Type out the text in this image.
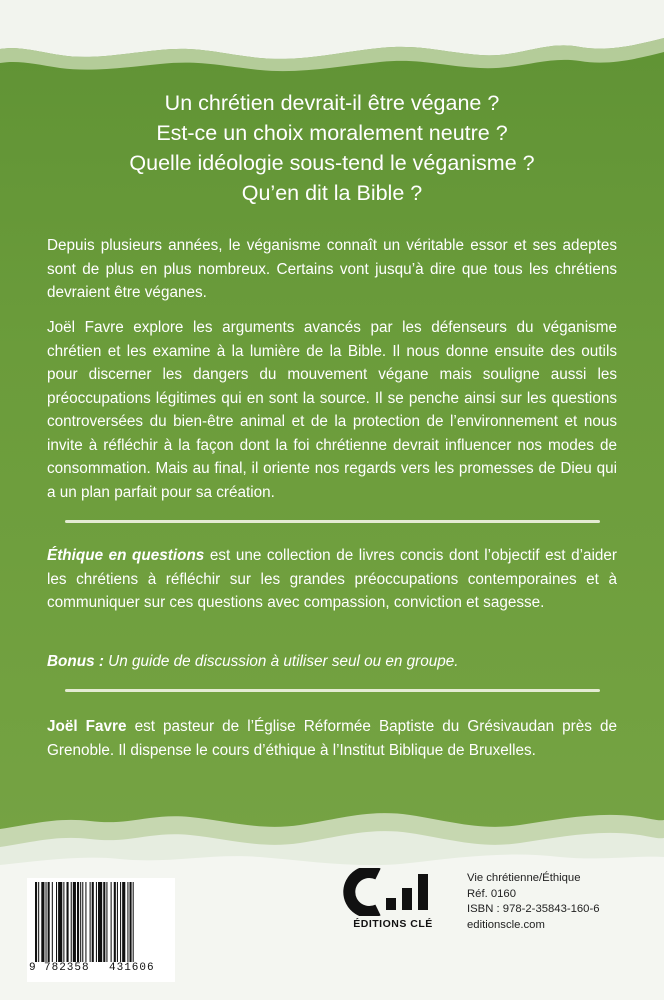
Un chrétien devrait-il être végane ?
Est-ce un choix moralement neutre ?
Quelle idéologie sous-tend le véganisme ?
Qu’en dit la Bible ?
Depuis plusieurs années, le véganisme connaît un véritable essor et ses adeptes sont de plus en plus nombreux. Certains vont jusqu’à dire que tous les chrétiens devraient être véganes.
Joël Favre explore les arguments avancés par les défenseurs du véganisme chrétien et les examine à la lumière de la Bible. Il nous donne ensuite des outils pour discerner les dangers du mouvement végane mais souligne aussi les préoccupations légitimes qui en sont la source. Il se penche ainsi sur les questions controversées du bien-être animal et de la protection de l’environnement et nous invite à réfléchir à la façon dont la foi chrétienne devrait influencer nos modes de consommation. Mais au final, il oriente nos regards vers les promesses de Dieu qui a un plan parfait pour sa création.
Éthique en questions est une collection de livres concis dont l’objectif est d’aider les chrétiens à réfléchir sur les grandes préoccupations contemporaines et à communiquer sur ces questions avec compassion, conviction et sagesse.
Bonus : Un guide de discussion à utiliser seul ou en groupe.
Joël Favre est pasteur de l’Église Réformée Baptiste du Grésivaudan près de Grenoble. Il dispense le cours d’éthique à l’Institut Biblique de Bruxelles.
9 782358 431606
ÉDITIONS CLÉ
Vie chrétienne/Éthique
Réf. 0160
ISBN : 978-2-35843-160-6
editionscle.com
